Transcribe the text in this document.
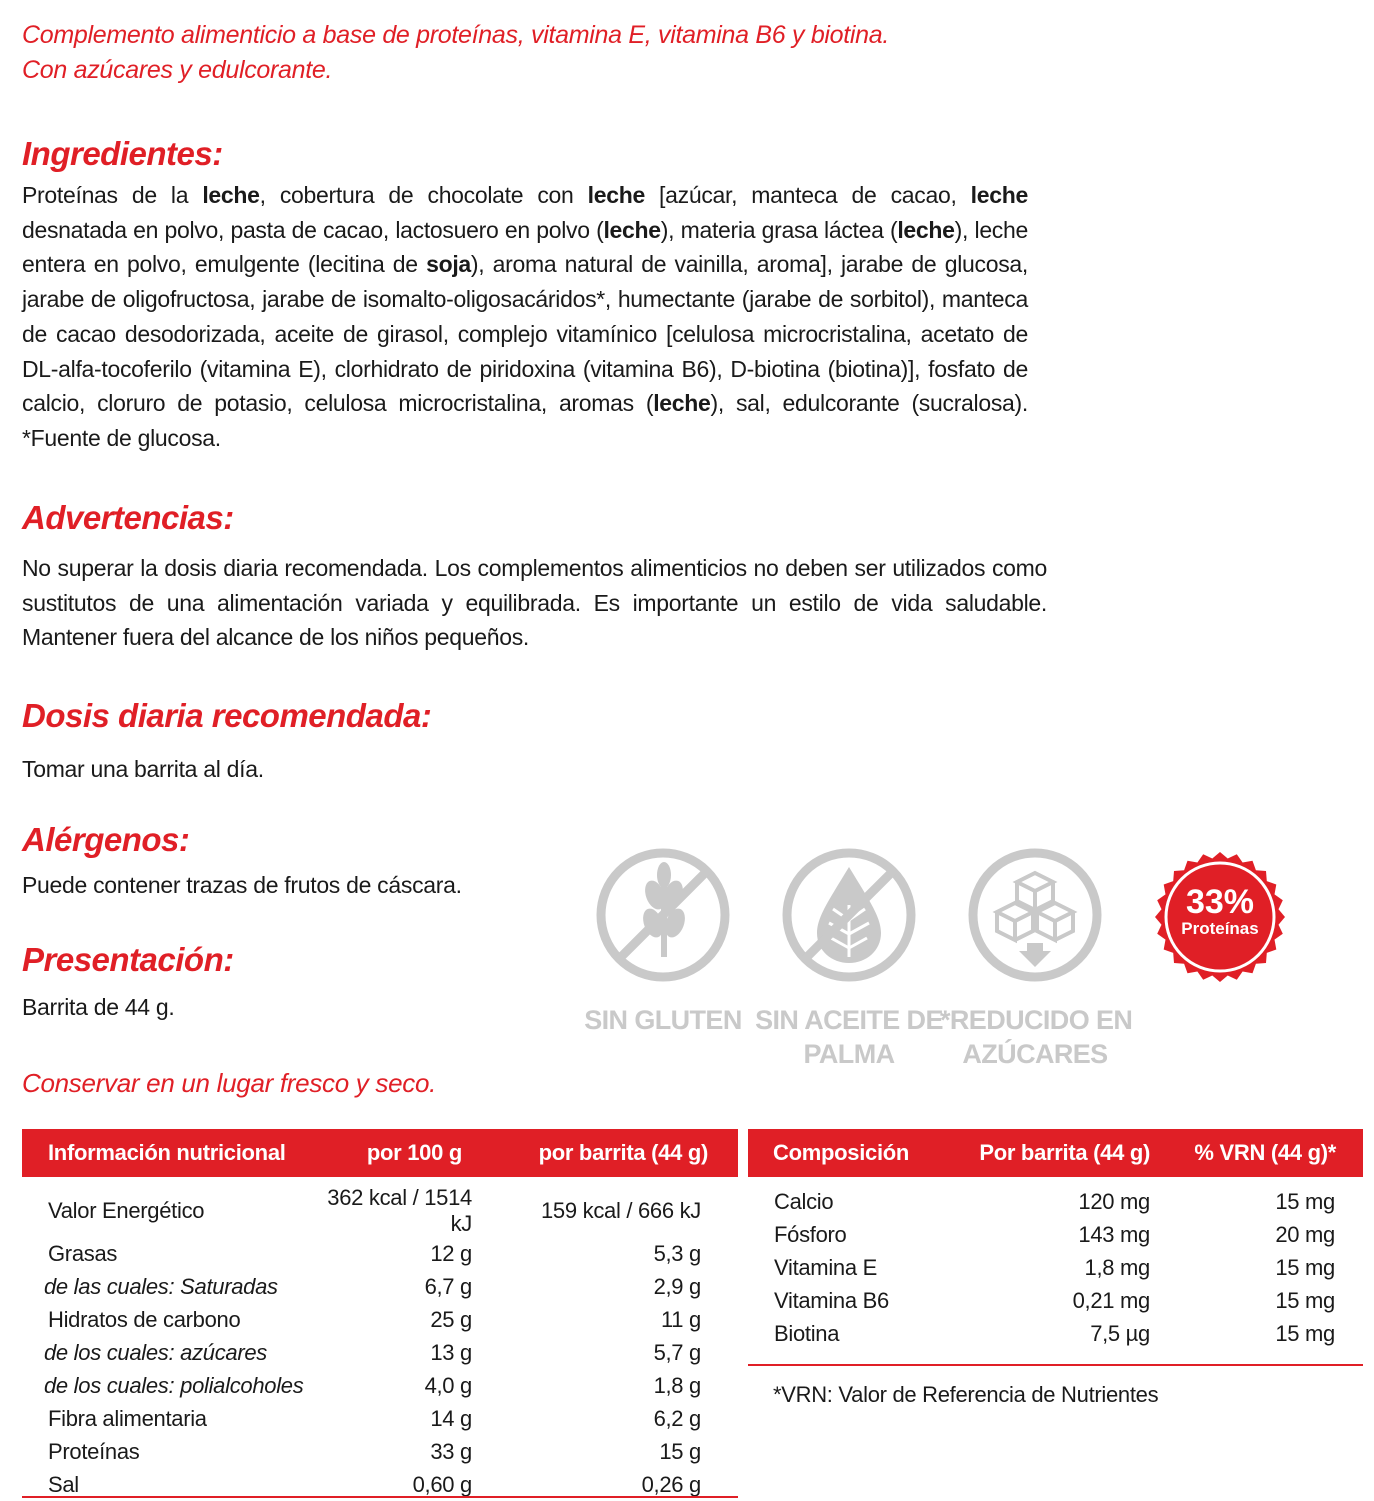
Complemento alimenticio a base de proteínas, vitamina E, vitamina B6 y biotina.
Con azúcares y edulcorante.
Ingredientes:
Proteínas de la leche, cobertura de chocolate con leche [azúcar, manteca de cacao, leche desnatada en polvo, pasta de cacao, lactosuero en polvo (leche), materia grasa láctea (leche), leche entera en polvo, emulgente (lecitina de soja), aroma natural de vainilla, aroma], jarabe de glucosa, jarabe de oligofructosa, jarabe de isomalto-oligosacáridos*, humectante (jarabe de sorbitol), manteca de cacao desodorizada, aceite de girasol, complejo vitamínico [celulosa microcristalina, acetato de DL-alfa-tocoferilo (vitamina E), clorhidrato de piridoxina (vitamina B6), D-biotina (biotina)], fosfato de calcio, cloruro de potasio, celulosa microcristalina, aromas (leche), sal, edulcorante (sucralosa). *Fuente de glucosa.
Advertencias:
No superar la dosis diaria recomendada. Los complementos alimenticios no deben ser utilizados como sustitutos de una alimentación variada y equilibrada. Es importante un estilo de vida saludable. Mantener fuera del alcance de los niños pequeños.
Dosis diaria recomendada:
Tomar una barrita al día.
Alérgenos:
Puede contener trazas de frutos de cáscara.
Presentación:
Barrita de 44 g.	SIN GLUTEN SIN ACEITE DE
PALMA
*REDUCIDO EN
AZÚCARES
33%
Proteínas
Conservar en un lugar fresco y seco.
Información nutricional	por 100 g	por barrita (44 g)
Valor Energético	362 kcal / 1514 kJ	159 kcal / 666 kJ
Grasas	12 g	5,3 g
de las cuales: Saturadas	6,7 g	2,9 g
Hidratos de carbono	25 g	11 g
de los cuales: azúcares	13 g	5,7 g
de los cuales: polialcoholes	4,0 g	1,8 g
Fibra alimentaria	14 g	6,2 g
Proteínas	33 g	15 g
Sal	0,60 g	0,26 g
Composición	Por barrita (44 g)	% VRN (44 g)*
Calcio	120 mg	15 mg
Fósforo	143 mg	20 mg
Vitamina E	1,8 mg	15 mg
Vitamina B6	0,21 mg	15 mg
Biotina	7,5 µg	15 mg
*VRN: Valor de Referencia de Nutrientes
